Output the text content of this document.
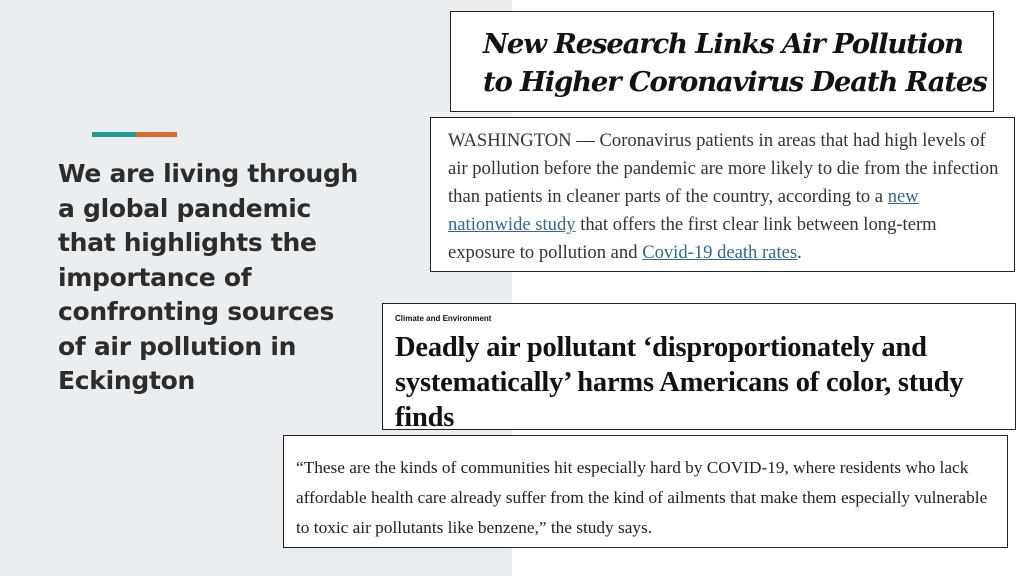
We are living through a global pandemic that highlights the importance of confronting sources of air pollution in Eckington
New Research Links Air Pollution to Higher Coronavirus Death Rates
WASHINGTON — Coronavirus patients in areas that had high levels of air pollution before the pandemic are more likely to die from the infection than patients in cleaner parts of the country, according to a new nationwide study that offers the first clear link between long-term exposure to pollution and Covid-19 death rates.
Climate and Environment
Deadly air pollutant ‘disproportionately and systematically’ harms Americans of color, study finds
“These are the kinds of communities hit especially hard by COVID-19, where residents who lack affordable health care already suffer from the kind of ailments that make them especially vulnerable to toxic air pollutants like benzene,” the study says.
